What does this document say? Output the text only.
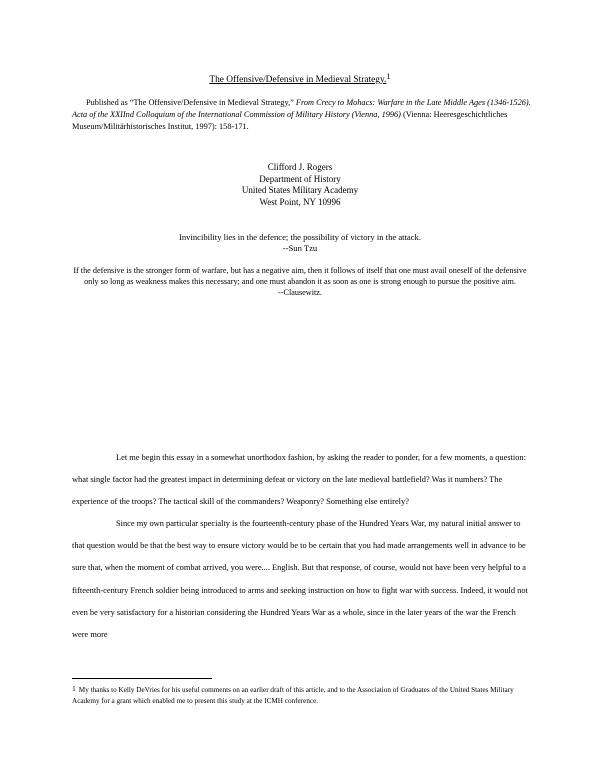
The Offensive/Defensive in Medieval Strategy.$^1$
Published as “The Offensive/Defensive in Medieval Strategy,” From Crecy to Mohacs: Warfare in the Late Middle Ages (1346-1526). Acta of the XXIInd Colloquium of the International Commission of Military History (Vienna, 1996) (Vienna: Heeresgeschichtliches Museum/Militärhistorisches Institut, 1997): 158-171.
Clifford J. Rogers
Department of History
United States Military Academy
West Point, NY 10996
Invincibility lies in the defence; the possibility of victory in the attack.
--Sun Tzu
If the defensive is the stronger form of warfare, but has a negative aim, then it follows of itself that one must avail oneself of the defensive only so long as weakness makes this necessary; and one must abandon it as soon as one is strong enough to pursue the positive aim.
--Clausewitz.

Let me begin this essay in a somewhat unorthodox fashion, by asking the reader to ponder, for a few moments, a question: what single factor had the greatest impact in determining defeat or victory on the late medieval battlefield? Was it numbers? The experience of the troops? The tactical skill of the commanders? Weaponry? Something else entirely?

Since my own particular specialty is the fourteenth-century phase of the Hundred Years War, my natural initial answer to that question would be that the best way to ensure victory would be to be certain that you had made arrangements well in advance to be sure that, when the moment of combat arrived, you were.... English. But that response, of course, would not have been very helpful to a fifteenth-century French soldier being introduced to arms and seeking instruction on how to fight war with success. Indeed, it would not even be very satisfactory for a historian considering the Hundred Years War as a whole, since in the later years of the war the French were more

$^1$ My thanks to Kelly DeVries for his useful comments on an earlier draft of this article, and to the Association of Graduates of the United States Military Academy for a grant which enabled me to present this study at the ICMH conference.
